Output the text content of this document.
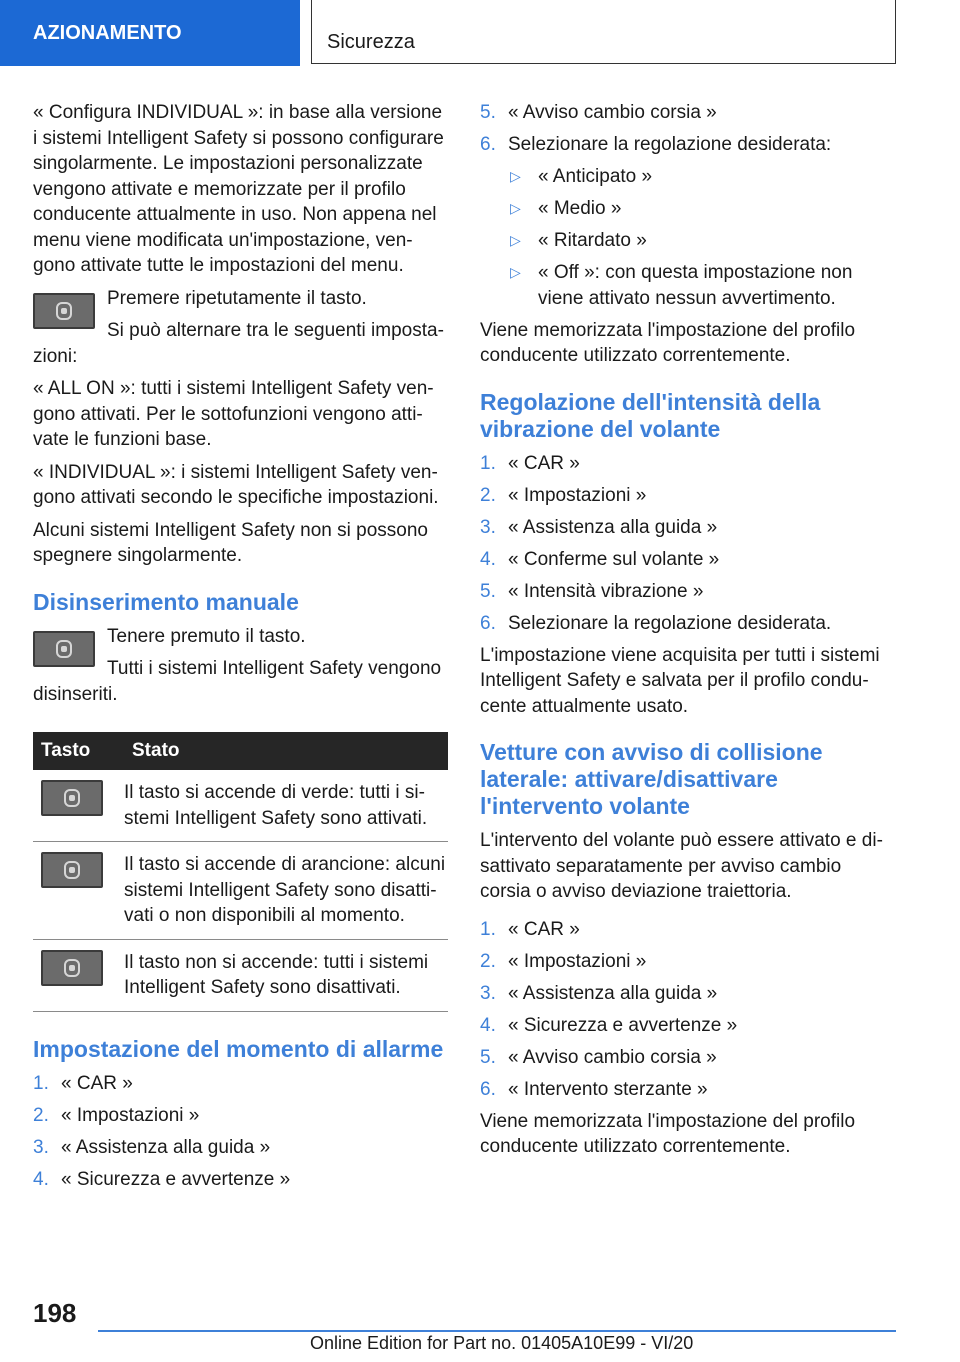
AZIONAMENTO	Sicurezza

« Configura INDIVIDUAL »: in base alla versione i sistemi Intelligent Safety si possono configurare singolarmente. Le impostazioni personalizzate vengono attivate e memorizzate per il profilo conducente attualmente in uso. Non appena nel menu viene modificata un'impostazione, vengono attivate tutte le impostazioni del menu.

Premere ripetutamente il tasto.

Si può alternare tra le seguenti impostazioni:

« ALL ON »: tutti i sistemi Intelligent Safety vengono attivati. Per le sottofunzioni vengono attivate le funzioni base.

« INDIVIDUAL »: i sistemi Intelligent Safety vengono attivati secondo le specifiche impostazioni.

Alcuni sistemi Intelligent Safety non si possono spegnere singolarmente.

Disinserimento manuale

Tenere premuto il tasto.

Tutti i sistemi Intelligent Safety vengono disinseriti.

Tasto	Stato

	Il tasto si accende di verde: tutti i sistemi Intelligent Safety sono attivati.

	Il tasto si accende di arancione: alcuni sistemi Intelligent Safety sono disattivati o non disponibili al momento.

	Il tasto non si accende: tutti i sistemi Intelligent Safety sono disattivati.
Impostazione del momento di allarme
1. « CAR »
2. « Impostazioni »
3. « Assistenza alla guida »
4. « Sicurezza e avvertenze »
5. « Avviso cambio corsia »
6. Selezionare la regolazione desiderata:
▷ « Anticipato »
▷ « Medio »
▷ « Ritardato »
▷ « Off »: con questa impostazione non viene attivato nessun avvertimento.

Viene memorizzata l'impostazione del profilo conducente utilizzato correntemente.

Regolazione dell'intensità della vibrazione del volante
1. « CAR »
2. « Impostazioni »
3. « Assistenza alla guida »
4. « Conferme sul volante »
5. « Intensità vibrazione »
6. Selezionare la regolazione desiderata.

L'impostazione viene acquisita per tutti i sistemi Intelligent Safety e salvata per il profilo conducente attualmente usato.

Vetture con avviso di collisione laterale: attivare/disattivare l'intervento volante

L'intervento del volante può essere attivato e disattivato separatamente per avviso cambio corsia o avviso deviazione traiettoria.

1. « CAR »
2. « Impostazioni »
3. « Assistenza alla guida »
4. « Sicurezza e avvertenze »
5. « Avviso cambio corsia »
6. « Intervento sterzante »

Viene memorizzata l'impostazione del profilo conducente utilizzato correntemente.

198
Online Edition for Part no. 01405A10E99 - VI/20
